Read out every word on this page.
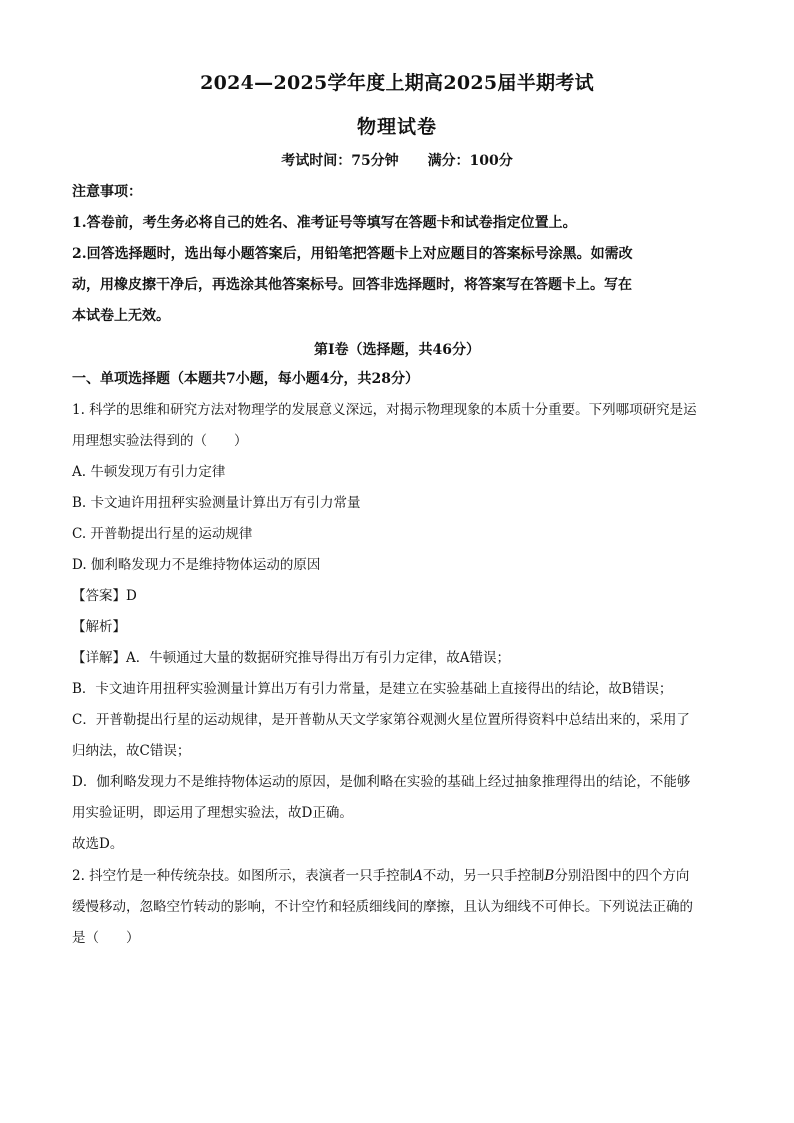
2024—2025学年度上期高2025届半期考试
物理试卷
考试时间：75分钟 满分：100分
注意事项：
1.答卷前，考生务必将自己的姓名、准考证号等填写在答题卡和试卷指定位置上。
2.回答选择题时，选出每小题答案后，用铅笔把答题卡上对应题目的答案标号涂黑。如需改
动，用橡皮擦干净后，再选涂其他答案标号。回答非选择题时，将答案写在答题卡上。写在
本试卷上无效。
第Ⅰ卷（选择题，共46分）
一、单项选择题（本题共7小题，每小题4分，共28分）
1. 科学的思维和研究方法对物理学的发展意义深远，对揭示物理现象的本质十分重要。下列哪项研究是运
用理想实验法得到的（　　）
A. 牛顿发现万有引力定律
B. 卡文迪许用扭秤实验测量计算出万有引力常量
C. 开普勒提出行星的运动规律
D. 伽利略发现力不是维持物体运动的原因
【答案】D
【解析】
【详解】A．牛顿通过大量的数据研究推导得出万有引力定律，故A错误；
B．卡文迪许用扭秤实验测量计算出万有引力常量，是建立在实验基础上直接得出的结论，故B错误；
C．开普勒提出行星的运动规律，是开普勒从天文学家第谷观测火星位置所得资料中总结出来的，采用了
归纳法，故C错误；
D．伽利略发现力不是维持物体运动的原因，是伽利略在实验的基础上经过抽象推理得出的结论，不能够
用实验证明，即运用了理想实验法，故D正确。
故选D。
2. 抖空竹是一种传统杂技。如图所示，表演者一只手控制A不动，另一只手控制B分别沿图中的四个方向
缓慢移动，忽略空竹转动的影响，不计空竹和轻质细线间的摩擦，且认为细线不可伸长。下列说法正确的
是（　　）
